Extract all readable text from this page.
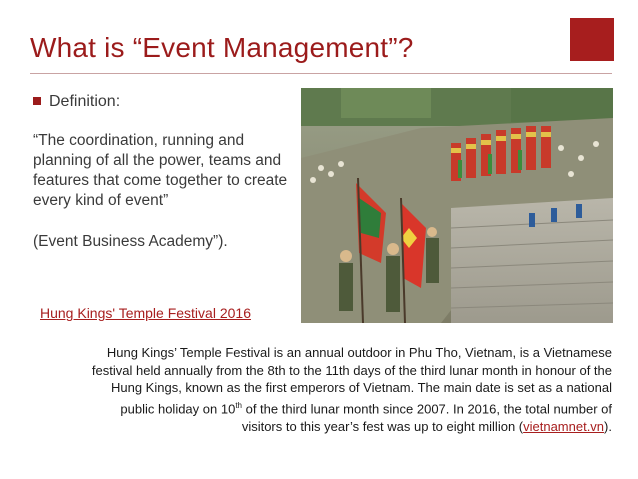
What is “Event Management”?
Definition:
“The coordination, running and planning of all the power, teams and features that come together to create every kind of event”
(Event Business Academy”).
Hung Kings' Temple Festival 2016
Hung Kings’ Temple Festival is an annual outdoor in Phu Tho, Vietnam, is a Vietnamese festival held annually from the 8th to the 11th days of the third lunar month in honour of the Hung Kings, known as the first emperors of Vietnam. The main date is set as a national public holiday on 10th of the third lunar month since 2007. In 2016, the total number of visitors to this year’s fest was up to eight million (vietnamnet.vn).
